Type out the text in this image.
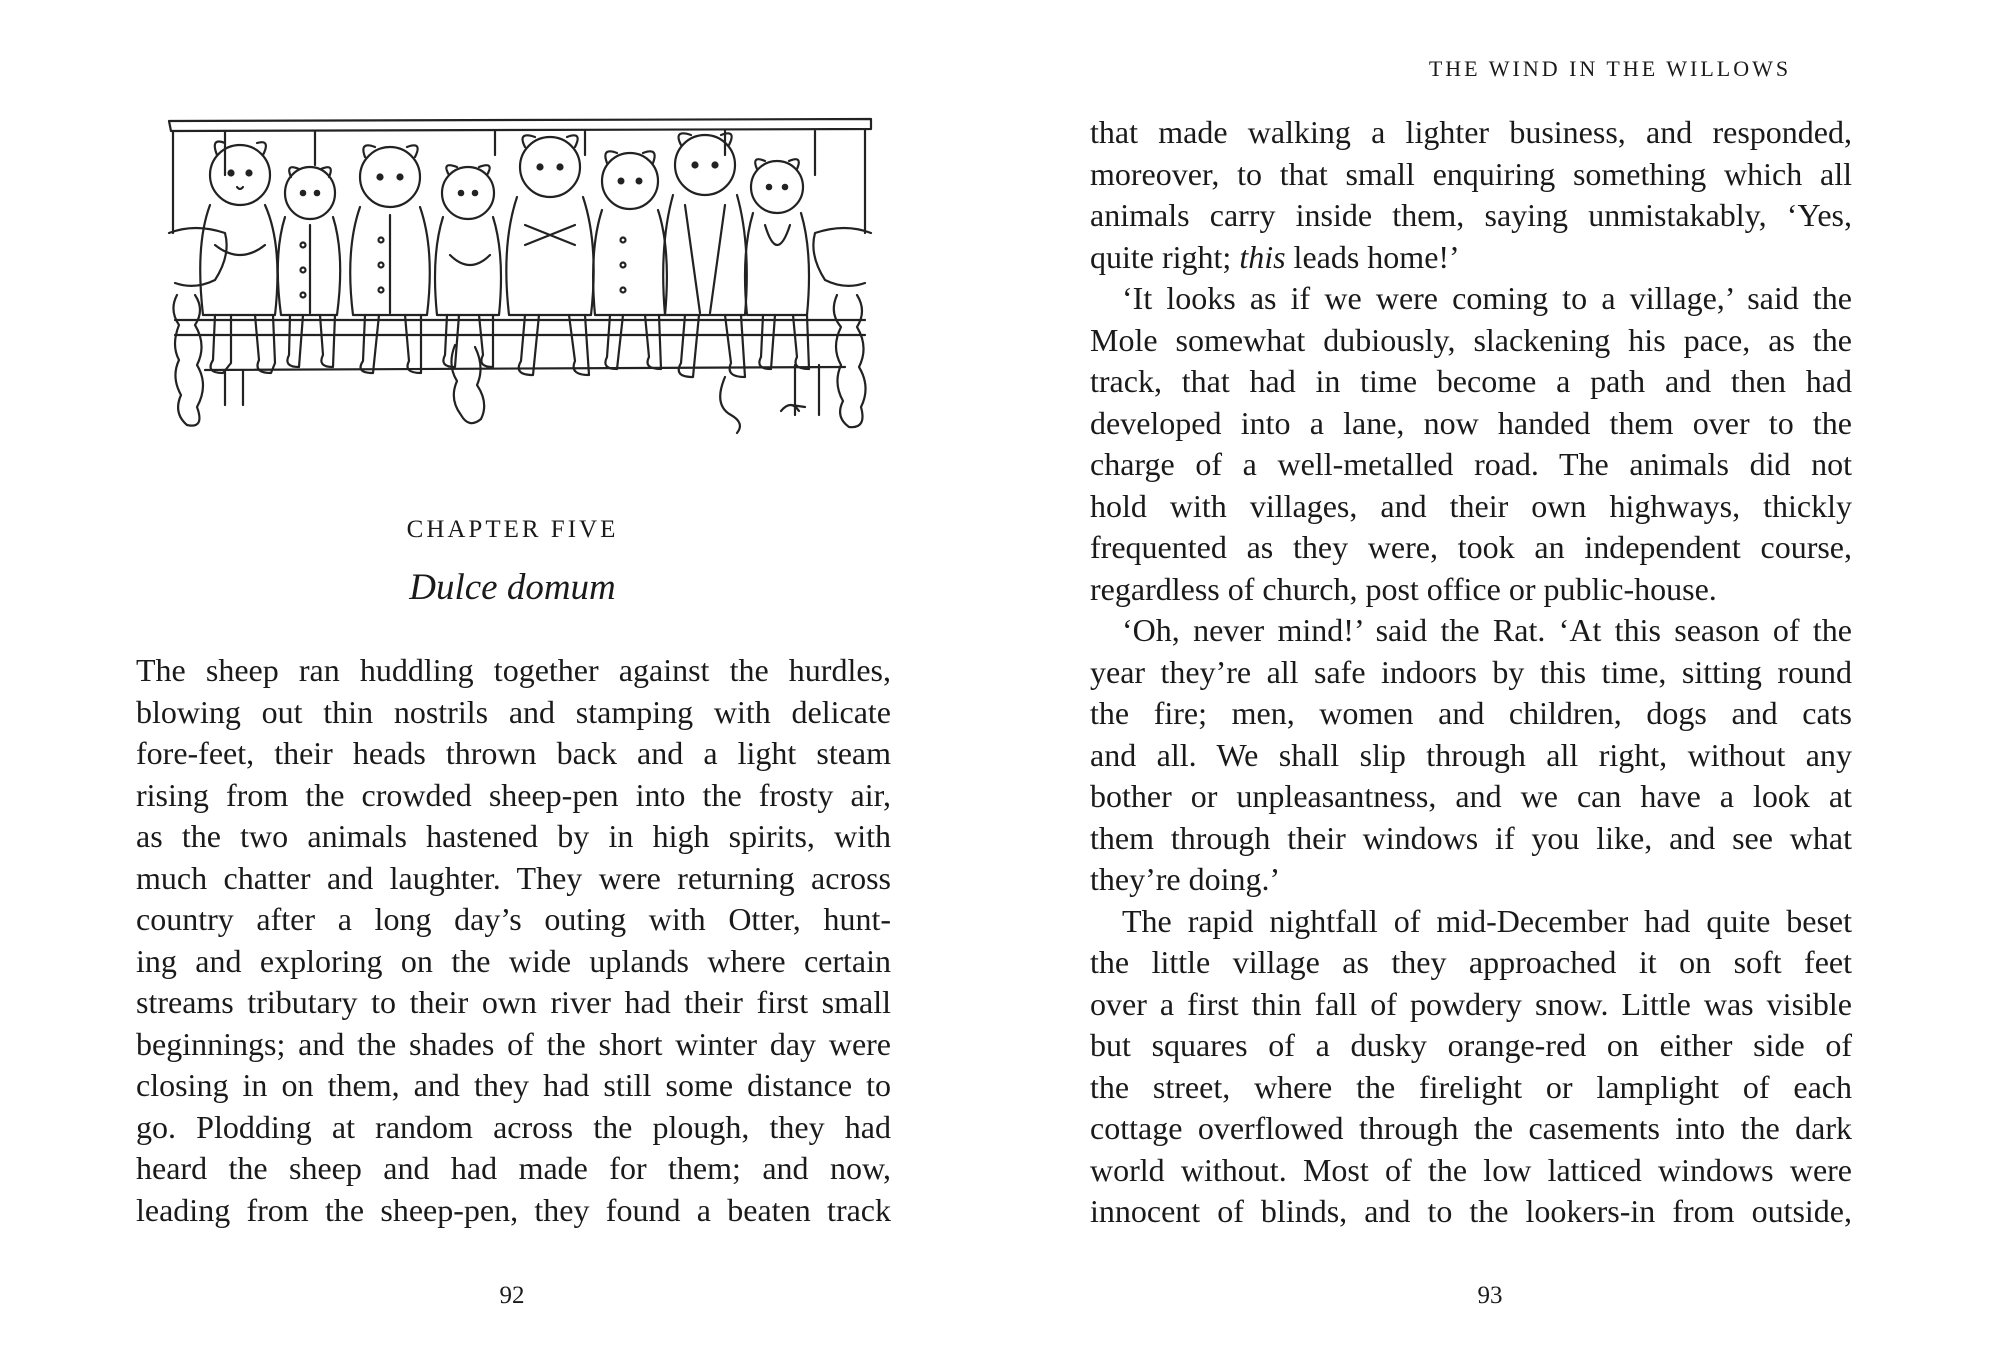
CHAPTER FIVE
Dulce domum
The sheep ran huddling together against the hurdles,
blowing out thin nostrils and stamping with delicate
fore-feet, their heads thrown back and a light steam
rising from the crowded sheep-pen into the frosty air,
as the two animals hastened by in high spirits, with
much chatter and laughter. They were returning across
country after a long day’s outing with Otter, hunt-
ing and exploring on the wide uplands where certain
streams tributary to their own river had their first small
beginnings; and the shades of the short winter day were
closing in on them, and they had still some distance to
go. Plodding at random across the plough, they had
heard the sheep and had made for them; and now,
leading from the sheep-pen, they found a beaten track
92
THE WIND IN THE WILLOWS
that made walking a lighter business, and responded,
moreover, to that small enquiring something which all
animals carry inside them, saying unmistakably, ‘Yes,
quite right; this leads home!’
‘It looks as if we were coming to a village,’ said the
Mole somewhat dubiously, slackening his pace, as the
track, that had in time become a path and then had
developed into a lane, now handed them over to the
charge of a well-metalled road. The animals did not
hold with villages, and their own highways, thickly
frequented as they were, took an independent course,
regardless of church, post office or public-house.
‘Oh, never mind!’ said the Rat. ‘At this season of the
year they’re all safe indoors by this time, sitting round
the fire; men, women and children, dogs and cats
and all. We shall slip through all right, without any
bother or unpleasantness, and we can have a look at
them through their windows if you like, and see what
they’re doing.’
The rapid nightfall of mid-December had quite beset
the little village as they approached it on soft feet
over a first thin fall of powdery snow. Little was visible
but squares of a dusky orange-red on either side of
the street, where the firelight or lamplight of each
cottage overflowed through the casements into the dark
world without. Most of the low latticed windows were
innocent of blinds, and to the lookers-in from outside,
93
